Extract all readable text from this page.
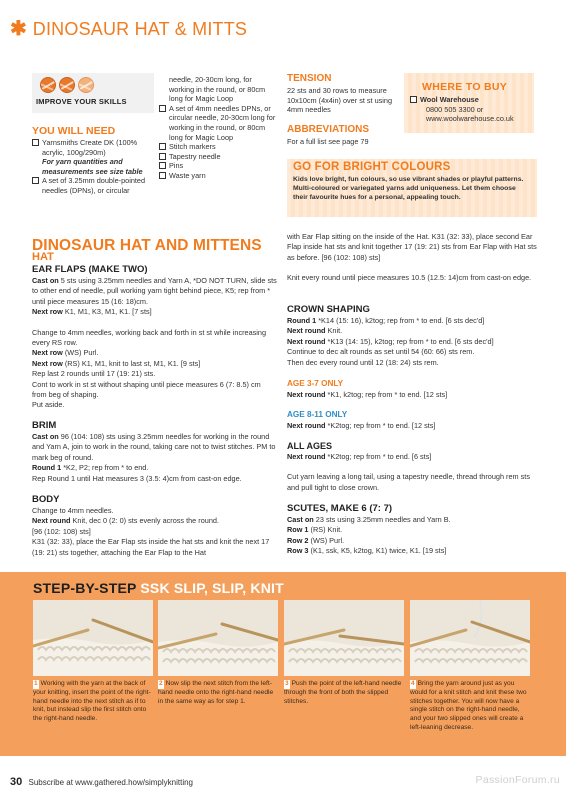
✱ DINOSAUR HAT & MITTS
IMPROVE YOUR SKILLS
YOU WILL NEED
Yarnsmiths Create DK (100% acrylic, 100g/290m)
For yarn quantities and measurements see size table
A set of 3.25mm double-pointed needles (DPNs), or circular
needle, 20-30cm long, for working in the round, or 80cm long for Magic Loop
A set of 4mm needles DPNs, or circular needle, 20-30cm long for working in the round, or 80cm long for Magic Loop
Stitch markers
Tapestry needle
Pins
Waste yarn
TENSION
22 sts and 30 rows to measure 10x10cm (4x4in) over st st using 4mm needles
ABBREVIATIONS
For a full list see page 79
WHERE TO BUY
Wool Warehouse
0800 505 3300 or
www.woolwarehouse.co.uk
GO FOR BRIGHT COLOURS
Kids love bright, fun colours, so use vibrant shades or playful patterns. Multi-coloured or variegated yarns add uniqueness. Let them choose their favourite hues for a personal, appealing touch.
DINOSAUR HAT AND MITTENS
HAT
EAR FLAPS (MAKE TWO)
Cast on 5 sts using 3.25mm needles and Yarn A, *DO NOT TURN, slide sts to other end of needle, pull working yarn tight behind piece, K5; rep from * until piece measures 15 (16: 18)cm.
Next row K1, M1, K3, M1, K1. [7 sts]
Change to 4mm needles, working back and forth in st st while increasing every RS row.
Next row (WS) Purl.
Next row (RS) K1, M1, knit to last st, M1, K1. [9 sts]
Rep last 2 rounds until 17 (19: 21) sts.
Cont to work in st st without shaping until piece measures 6 (7: 8.5) cm from beg of shaping.
Put aside.
BRIM
Cast on 96 (104: 108) sts using 3.25mm needles for working in the round and Yarn A, join to work in the round, taking care not to twist stitches. PM to mark beg of round.
Round 1 *K2, P2; rep from * to end.
Rep Round 1 until Hat measures 3 (3.5: 4)cm from cast-on edge.
BODY
Change to 4mm needles.
Next round Knit, dec 0 (2: 0) sts evenly across the round.
[96 (102: 108) sts]
K31 (32: 33), place the Ear Flap sts inside the hat sts and knit the next 17 (19: 21) sts together, attaching the Ear Flap to the Hat
with Ear Flap sitting on the inside of the Hat. K31 (32: 33), place second Ear Flap inside hat sts and knit together 17 (19: 21) sts from Ear Flap with Hat sts as before. [96 (102: 108) sts]
Knit every round until piece measures 10.5 (12.5: 14)cm from cast-on edge.
CROWN SHAPING
Round 1 *K14 (15: 16), k2tog; rep from * to end. [6 sts dec'd]
Next round Knit.
Next round *K13 (14: 15), k2tog; rep from * to end. [6 sts dec'd]
Continue to dec alt rounds as set until 54 (60: 66) sts rem.
Then dec every round until 12 (18: 24) sts rem.
AGE 3-7 ONLY
Next round *K1, k2tog; rep from * to end. [12 sts]
AGE 8-11 ONLY
Next round *K2tog; rep from * to end. [12 sts]
ALL AGES
Next round *K2tog; rep from * to end. [6 sts]
Cut yarn leaving a long tail, using a tapestry needle, thread through rem sts and pull tight to close crown.
SCUTES, MAKE 6 (7: 7)
Cast on 23 sts using 3.25mm needles and Yarn B.
Row 1 (RS) Knit.
Row 2 (WS) Purl.
Row 3 (K1, ssk, K5, k2tog, K1) twice, K1. [19 sts]
STEP-BY-STEP SSK SLIP, SLIP, KNIT
1 Working with the yarn at the back of your knitting, insert the point of the right-hand needle into the next stitch as if to knit, but instead slip the first stitch onto the right-hand needle.
2 Now slip the next stitch from the left-hand needle onto the right-hand needle in the same way as for step 1.
3 Push the point of the left-hand needle through the front of both the slipped stitches.
4 Bring the yarn around just as you would for a knit stitch and knit these two stitches together. You will now have a single stitch on the right-hand needle, and your two slipped ones will create a left-leaning decrease.
30 Subscribe at www.gathered.how/simplyknitting	PassionForum.ru
